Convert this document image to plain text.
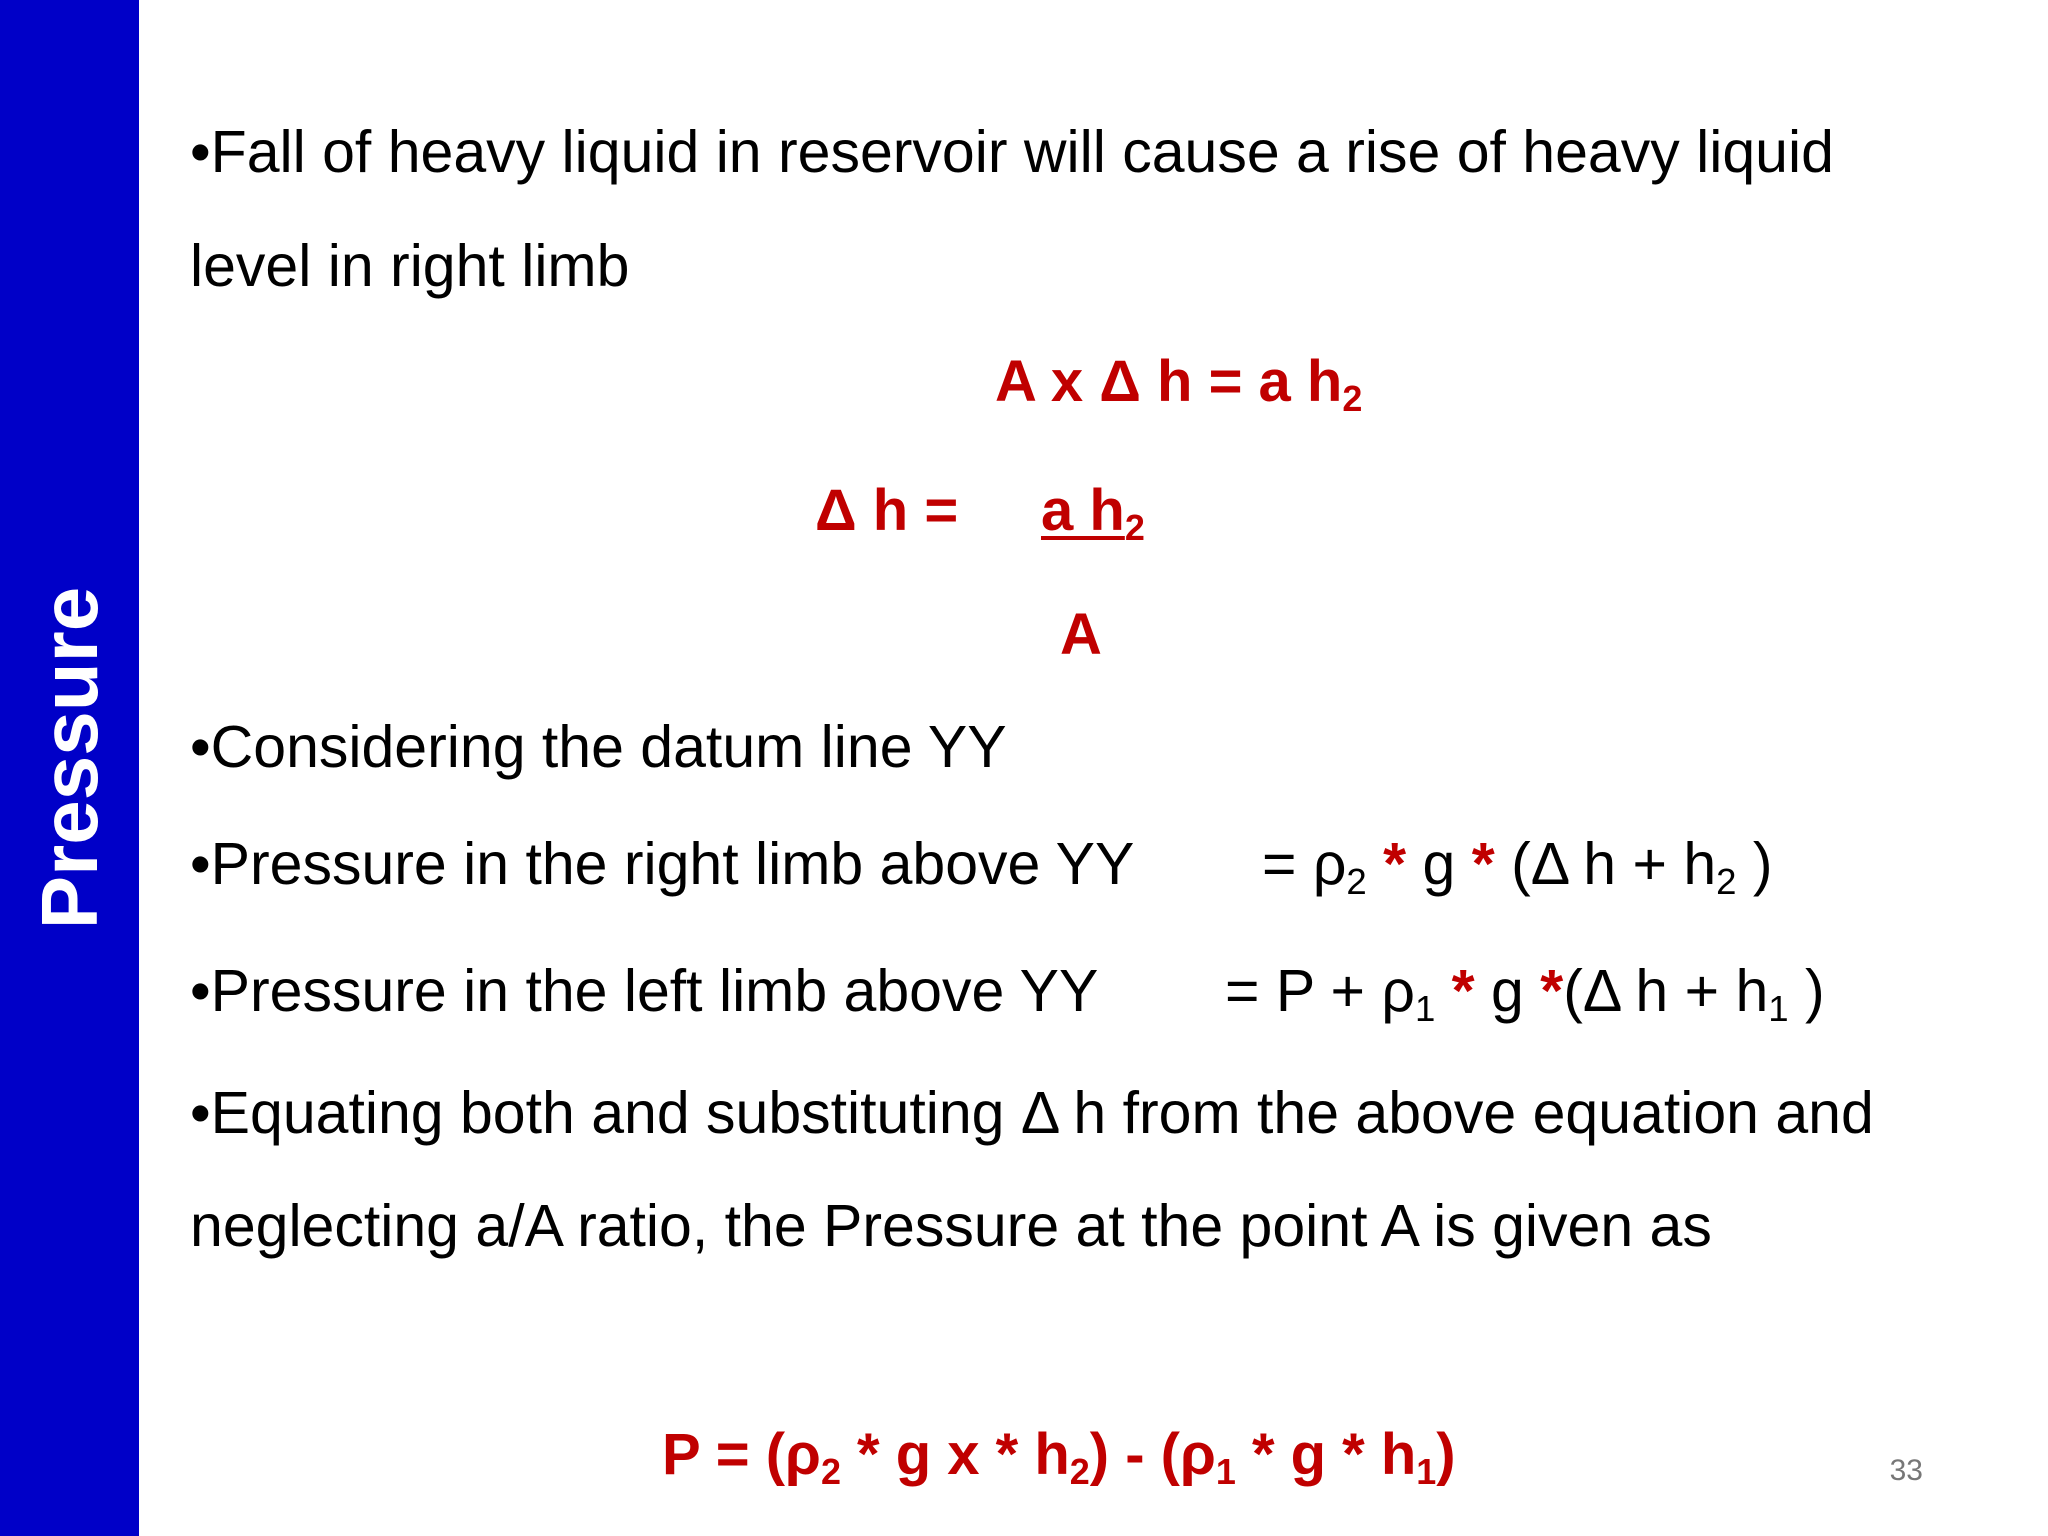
Pressure
•Fall of heavy liquid in reservoir will cause a rise of heavy liquid
level in right limb
A x Δ h = a $h_2$
Δ h = a $h_2$
A
•Considering the datum line YY
•Pressure in the right limb above YY = $\rho_2$ * g * (Δ $h + h_2$ )
•Pressure in the left limb above YY = $P + \rho_1 * g$ *(Δ $h + h_1$ )
•Equating both and substituting Δ h from the above equation and
neglecting a/A ratio, the Pressure at the point A is given as
$P = (\rho_2 * g$ x * $h_2) - (\rho_1$ * g * $h_1$)	33
